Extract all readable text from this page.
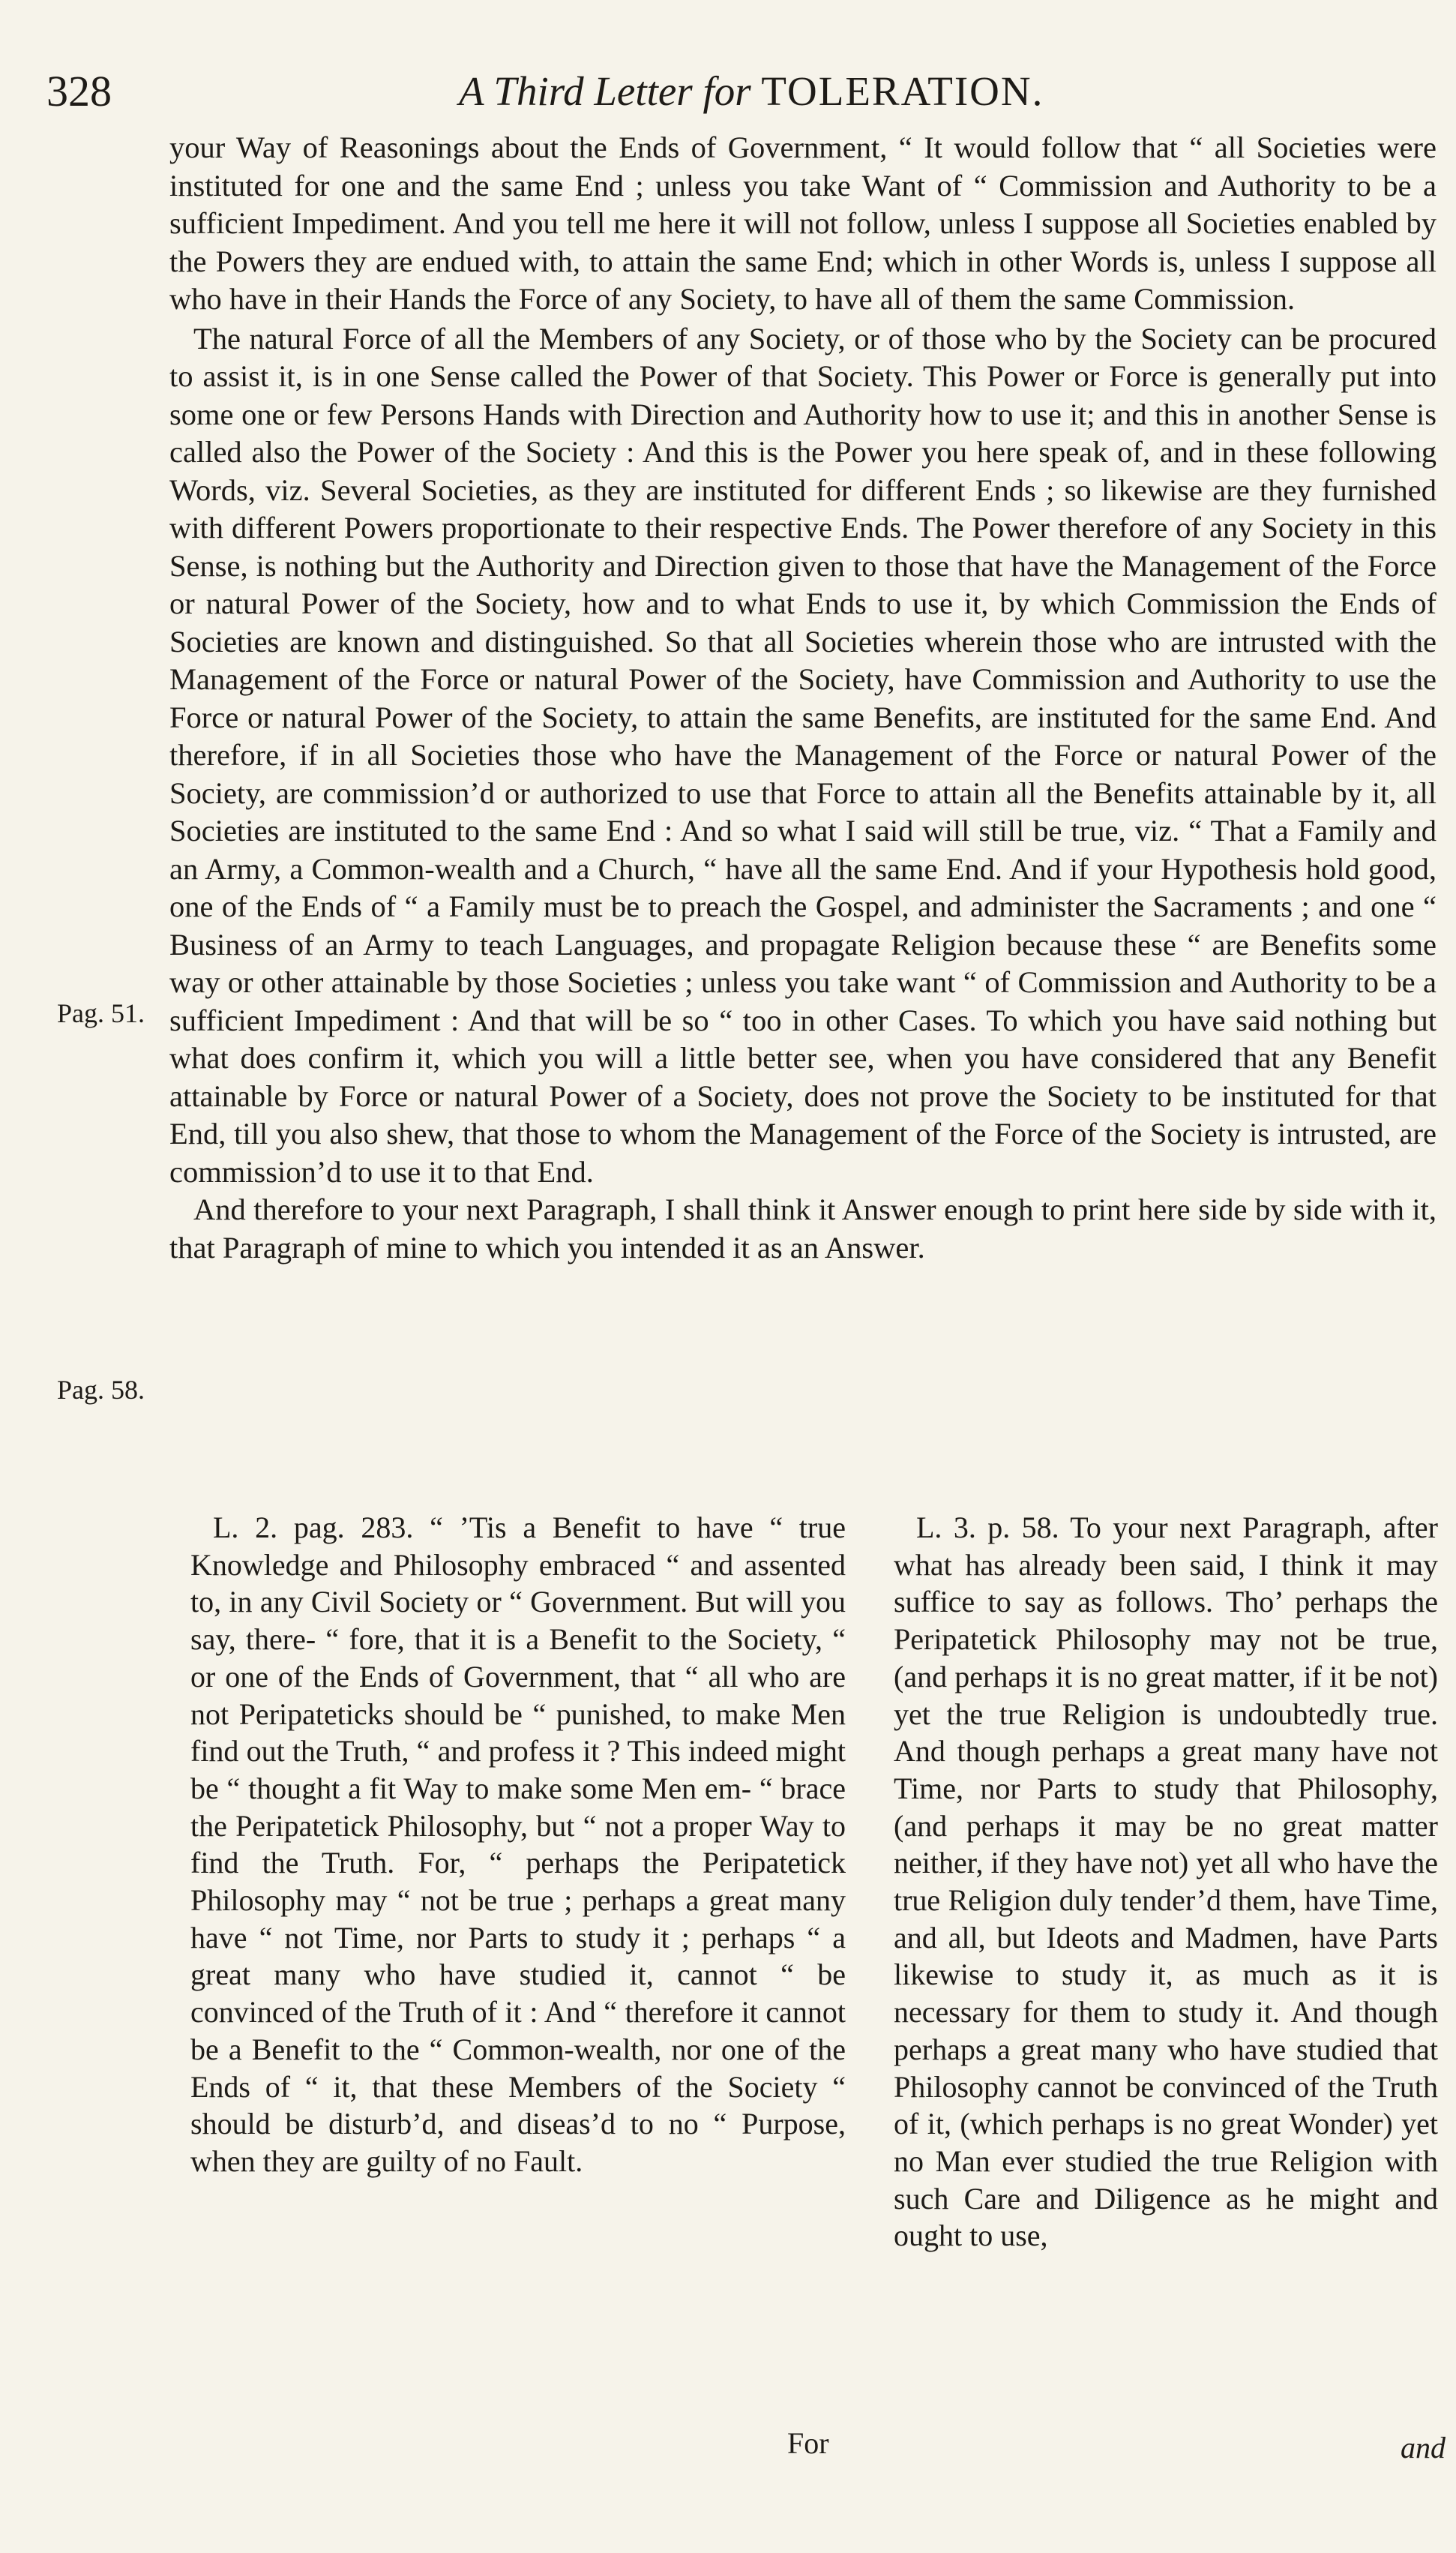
328	A Third Letter for TOLERATION.

your Way of Reasonings about the Ends of Government, “ It would follow that “ all Societies were instituted for one and the same End ; unless you take Want of “ Commission and Authority to be a sufficient Impediment. And you tell me here it will not follow, unless I suppose all Societies enabled by the Powers they are endued with, to attain the same End; which in other Words is, unless I suppose all who have in their Hands the Force of any Society, to have all of them the same Commission.

The natural Force of all the Members of any Society, or of those who by the Society can be procured to assist it, is in one Sense called the Power of that Society. This Power or Force is generally put into some one or few Persons Hands with Direction and Authority how to use it; and this in another Sense is called also the Power of the Society : And this is the Power you here speak of, and in these following Words, viz. Several Societies, as they are instituted for different Ends ; so likewise are they furnished with different Powers proportionate to their respective Ends. The Power therefore of any Society in this Sense, is nothing but the Authority and Direction given to those that have the Management of the Force or natural Power of the Society, how and to what Ends to use it, by which Commission the Ends of Societies are known and distinguished. So that all Societies wherein those who are intrusted with the Management of the Force or natural Power of the Society, have Commission and Authority to use the Force or natural Power of the Society, to attain the same Benefits, are instituted for the same End. And therefore, if in all Societies those who have the Management of the Force or natural Power of the Society, are commission’d or authorized to use that Force to attain all the Benefits attainable by it, all Societies are instituted to the same End : And so what I said will still be true, viz. “ That a Family and an Army, a Common-wealth and a Church, “ have all the same End. And if your Hypothesis hold good, one of the Ends of “ a Family must be to preach the Gospel, and administer the Sacraments ; and one “ Business of an Army to teach Languages, and propagate Religion because these “ are Benefits some way or other attainable by those Societies ; unless you take want “ of Commission and Authority to be a sufficient Impediment : And that will be so “ too in other Cases. To which you have said nothing but what does confirm it, which you will a little better see, when you have considered that any Benefit attainable by Force or natural Power of a Society, does not prove the Society to be instituted for that End, till you also shew, that those to whom the Management of the Force of the Society is intrusted, are commission’d to use it to that End.

And therefore to your next Paragraph, I shall think it Answer enough to print here side by side with it, that Paragraph of mine to which you intended it as an Answer.

Pag. 51.
Pag. 58.

L. 2. pag. 283. “ ’Tis a Benefit to have “ true Knowledge and Philosophy embraced “ and assented to, in any Civil Society or “ Government. But will you say, there- “ fore, that it is a Benefit to the Society, “ or one of the Ends of Government, that “ all who are not Peripateticks should be “ punished, to make Men find out the Truth, “ and profess it ? This indeed might be “ thought a fit Way to make some Men em- “ brace the Peripatetick Philosophy, but “ not a proper Way to find the Truth. For, “ perhaps the Peripatetick Philosophy may “ not be true ; perhaps a great many have “ not Time, nor Parts to study it ; perhaps “ a great many who have studied it, cannot “ be convinced of the Truth of it : And “ therefore it cannot be a Benefit to the “ Common-wealth, nor one of the Ends of “ it, that these Members of the Society “ should be disturb’d, and diseas’d to no “ Purpose, when they are guilty of no Fault.

For

L. 3. p. 58. To your next Paragraph, after what has already been said, I think it may suffice to say as follows. Tho’ perhaps the Peripatetick Philosophy may not be true, (and perhaps it is no great matter, if it be not) yet the true Religion is undoubtedly true. And though perhaps a great many have not Time, nor Parts to study that Philosophy, (and perhaps it may be no great matter neither, if they have not) yet all who have the true Religion duly tender’d them, have Time, and all, but Ideots and Madmen, have Parts likewise to study it, as much as it is necessary for them to study it. And though perhaps a great many who have studied that Philosophy cannot be convinced of the Truth of it, (which perhaps is no great Wonder) yet no Man ever studied the true Religion with such Care and Diligence as he might and ought to use,

and
